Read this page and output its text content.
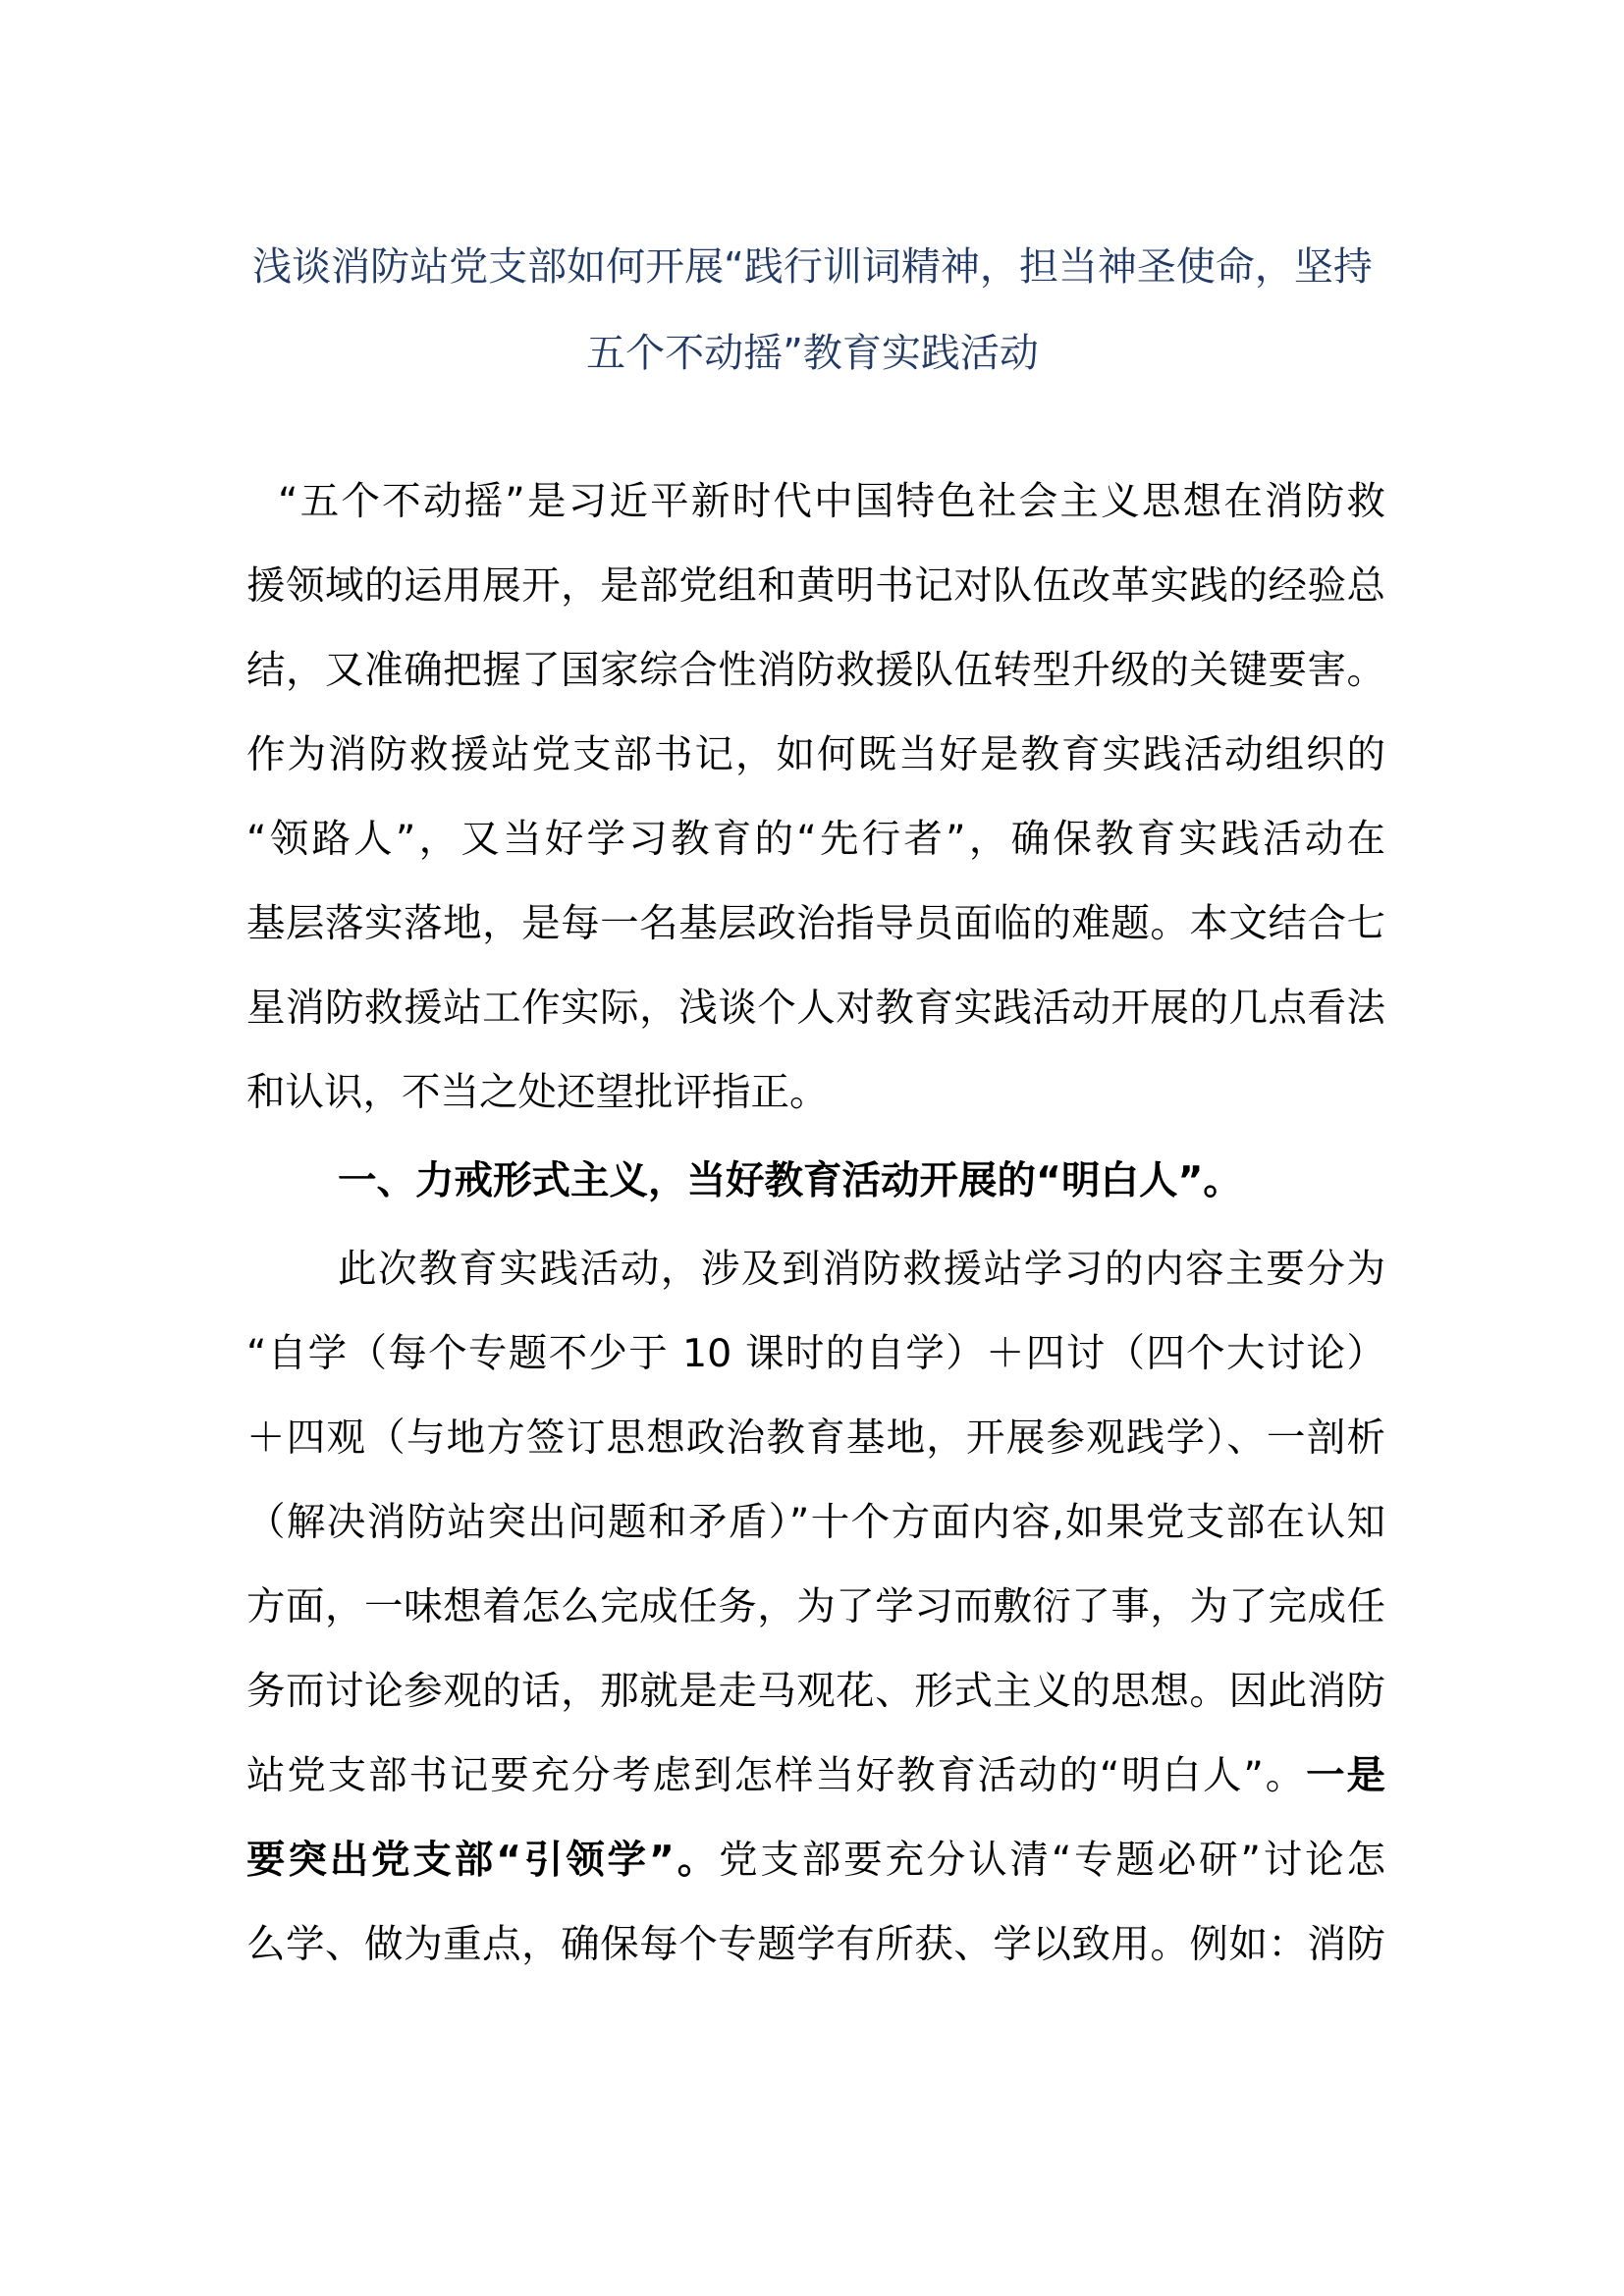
浅谈消防站党支部如何开展“践行训词精神，担当神圣使命，坚持
五个不动摇”教育实践活动
“五个不动摇”是习近平新时代中国特色社会主义思想在消防救
援领域的运用展开，是部党组和黄明书记对队伍改革实践的经验总
结，又准确把握了国家综合性消防救援队伍转型升级的关键要害。
作为消防救援站党支部书记，如何既当好是教育实践活动组织的
“领路人”，又当好学习教育的“先行者”，确保教育实践活动在
基层落实落地，是每一名基层政治指导员面临的难题。本文结合七
星消防救援站工作实际，浅谈个人对教育实践活动开展的几点看法
和认识，不当之处还望批评指正。
一、力戒形式主义，当好教育活动开展的“明白人”。
此次教育实践活动，涉及到消防救援站学习的内容主要分为
“自学（每个专题不少于 10 课时的自学）＋四讨（四个大讨论）
＋四观（与地方签订思想政治教育基地，开展参观践学）、一剖析
（解决消防站突出问题和矛盾）”十个方面内容,如果党支部在认知
方面，一味想着怎么完成任务，为了学习而敷衍了事，为了完成任
务而讨论参观的话，那就是走马观花、形式主义的思想。因此消防
站党支部书记要充分考虑到怎样当好教育活动的“明白人”。一是
要突出党支部“引领学”。党支部要充分认清“专题必研”讨论怎
么学、做为重点，确保每个专题学有所获、学以致用。例如：消防
